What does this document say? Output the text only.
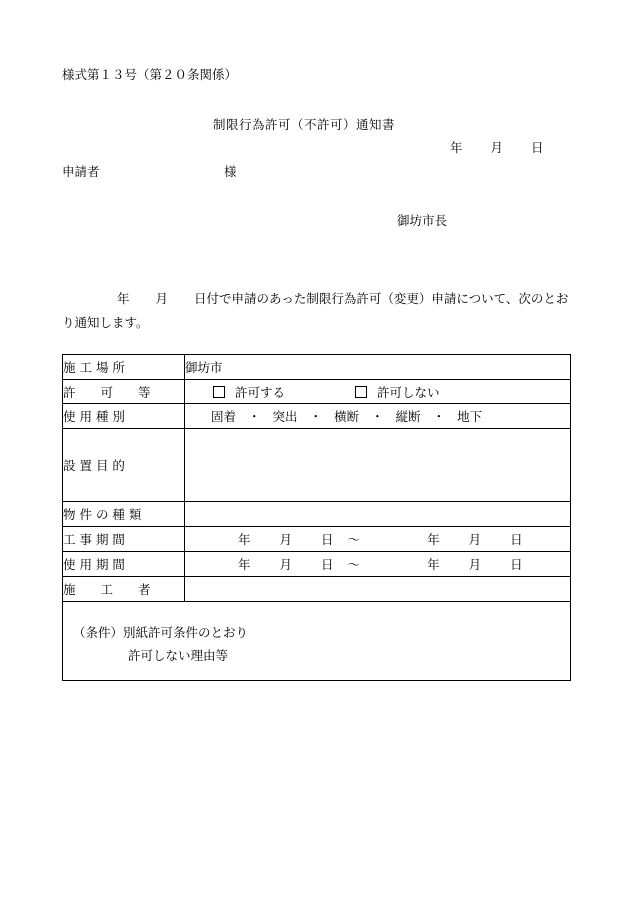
様式第１３号（第２０条関係）
制限行為許可（不許可）通知書
年 月 日
申請者	様
御坊市長
年 月 日付で申請のあった制限行為許可（変更）申請について、次のとおり通知します。
施 工 場 所	御坊市
許　　可　　等	許可する 許可しない
使 用 種 別	固着 ・ 突出 ・ 横断 ・ 縦断 ・ 地下
設 置 目 的	
物 件 の 種 類	
工 事 期 間	年 月 日 ～ 年 月 日
使 用 期 間	年 月 日 ～ 年 月 日
施　　工　　者	

（条件）別紙許可条件のとおり
許可しない理由等	
